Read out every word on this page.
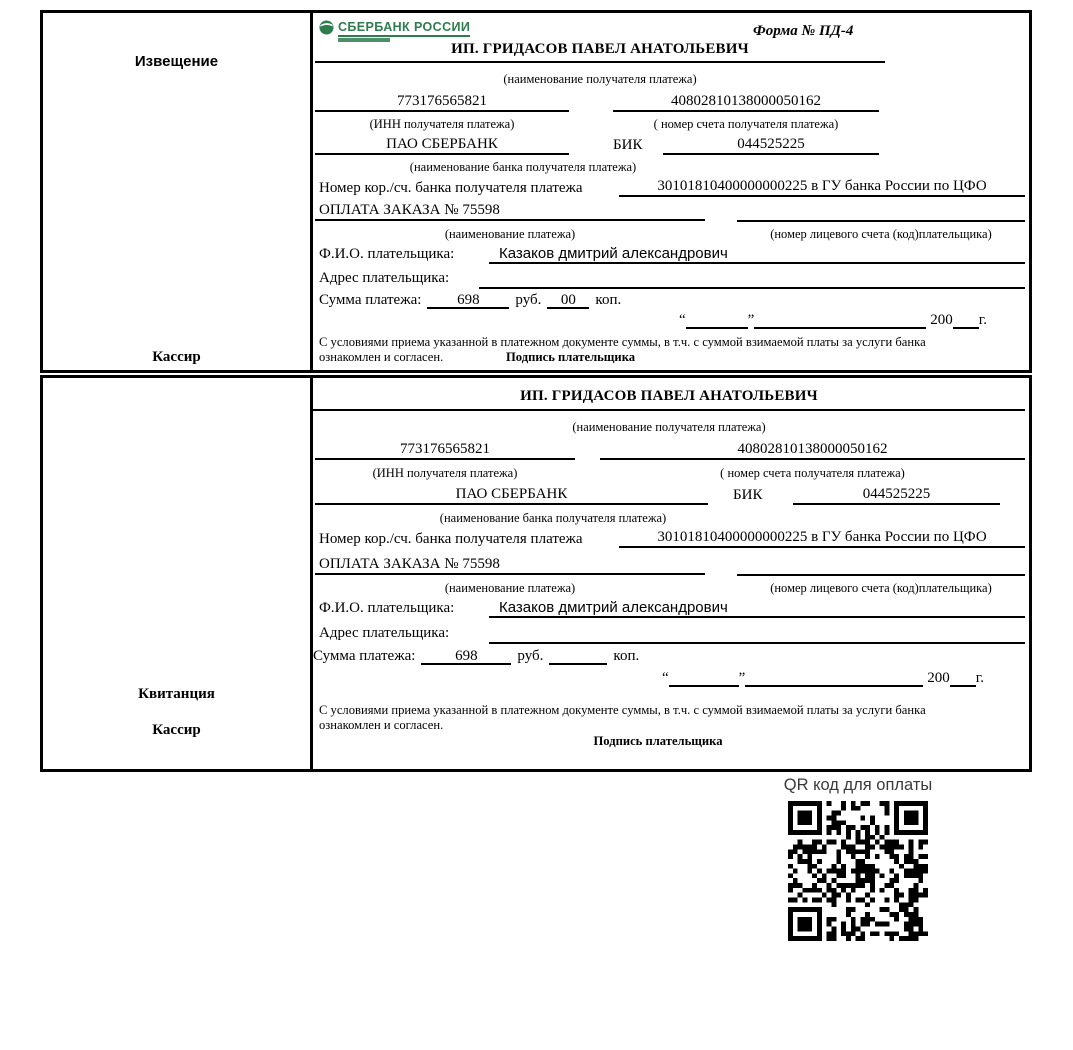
Извещение
Кассир
СБЕРБАНК РОССИИ	Форма № ПД-4
ИП. ГРИДАСОВ ПАВЕЛ АНАТОЛЬЕВИЧ
(наименование получателя платежа)
773176565821	40802810138000050162
(ИНН получателя платежа)	( номер счета получателя платежа)
ПАО СБЕРБАНК	БИК	044525225
(наименование банка получателя платежа)
Номер кор./сч. банка получателя платежа	30101810400000000225 в ГУ банка России по ЦФО
ОПЛАТА ЗАКАЗА № 75598
(наименование платежа)	(номер лицевого счета (код)плательщика)
Ф.И.О. плательщика:	Казаков дмитрий александрович
Адрес плательщика:
Сумма платежа:	698	руб.	00	коп.
“	”	200 г.
С условиями приема указанной в платежном документе суммы, в т.ч. с суммой взимаемой платы за услуги банка ознакомлен и согласен.	Подпись плательщика
Квитанция
Кассир
ИП. ГРИДАСОВ ПАВЕЛ АНАТОЛЬЕВИЧ
(наименование получателя платежа)
773176565821	40802810138000050162
(ИНН получателя платежа)	( номер счета получателя платежа)
ПАО СБЕРБАНК	БИК	044525225
(наименование банка получателя платежа)
Номер кор./сч. банка получателя платежа	30101810400000000225 в ГУ банка России по ЦФО
ОПЛАТА ЗАКАЗА № 75598
(наименование платежа)	(номер лицевого счета (код)плательщика)
Ф.И.О. плательщика:	Казаков дмитрий александрович
Адрес плательщика:
Сумма платежа:	698	руб.	коп.
“	”	200 г.
С условиями приема указанной в платежном документе суммы, в т.ч. с суммой взимаемой платы за услуги банка ознакомлен и согласен.
Подпись плательщика
QR код для оплаты
